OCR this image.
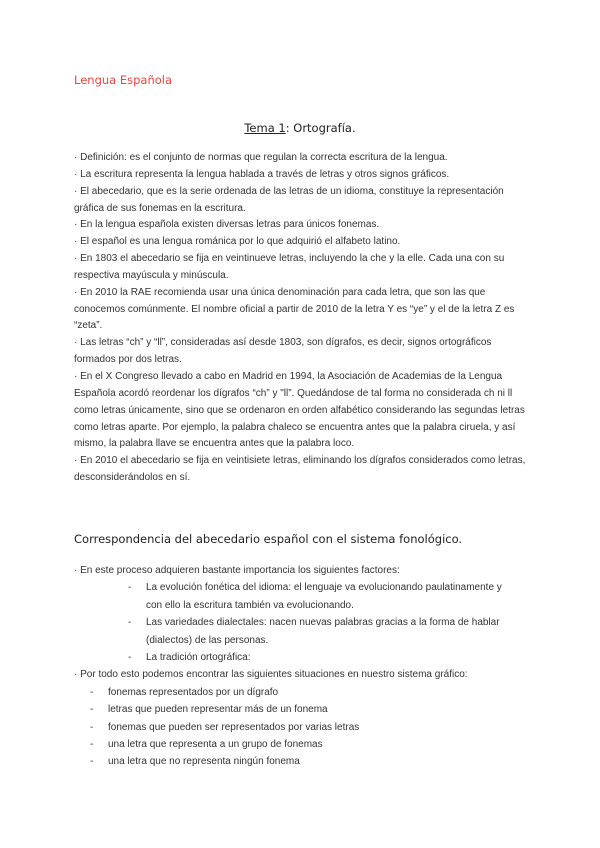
Lengua Española
Tema 1: Ortografía.

· Definición: es el conjunto de normas que regulan la correcta escritura de la lengua.

· La escritura representa la lengua hablada a través de letras y otros signos gráficos.

· El abecedario, que es la serie ordenada de las letras de un idioma, constituye la representación gráfica de sus fonemas en la escritura.

· En la lengua española existen diversas letras para únicos fonemas.

· El español es una lengua románica por lo que adquirió el alfabeto latino.

· En 1803 el abecedario se fija en veintinueve letras, incluyendo la che y la elle. Cada una con su respectiva mayúscula y minúscula.

· En 2010 la RAE recomienda usar una única denominación para cada letra, que son las que conocemos comúnmente. El nombre oficial a partir de 2010 de la letra Y es “ye” y el de la letra Z es “zeta”.

· Las letras “ch” y “ll”, consideradas así desde 1803, son dígrafos, es decir, signos ortográficos formados por dos letras.

· En el X Congreso llevado a cabo en Madrid en 1994, la Asociación de Academias de la Lengua Española acordó reordenar los dígrafos “ch” y "ll”. Quedándose de tal forma no considerada ch ni ll como letras únicamente, sino que se ordenaron en orden alfabético considerando las segundas letras como letras aparte. Por ejemplo, la palabra chaleco se encuentra antes que la palabra ciruela, y así mismo, la palabra llave se encuentra antes que la palabra loco.

· En 2010 el abecedario se fija en veintisiete letras, eliminando los dígrafos considerados como letras, desconsiderándolos en sí.

Correspondencia del abecedario español con el sistema fonológico.

· En este proceso adquieren bastante importancia los siguientes factores:

- La evolución fonética del idioma: el lenguaje va evolucionando paulatinamente ycon ello la escritura también va evolucionando.

- Las variedades dialectales: nacen nuevas palabras gracias a la forma de hablar (dialectos) de las personas.

- La tradición ortográfica:

· Por todo esto podemos encontrar las siguientes situaciones en nuestro sistema gráfico:

- fonemas representados por un dígrafo

- letras que pueden representar más de un fonema

- fonemas que pueden ser representados por varias letras

- una letra que representa a un grupo de fonemas

- una letra que no representa ningún fonema
